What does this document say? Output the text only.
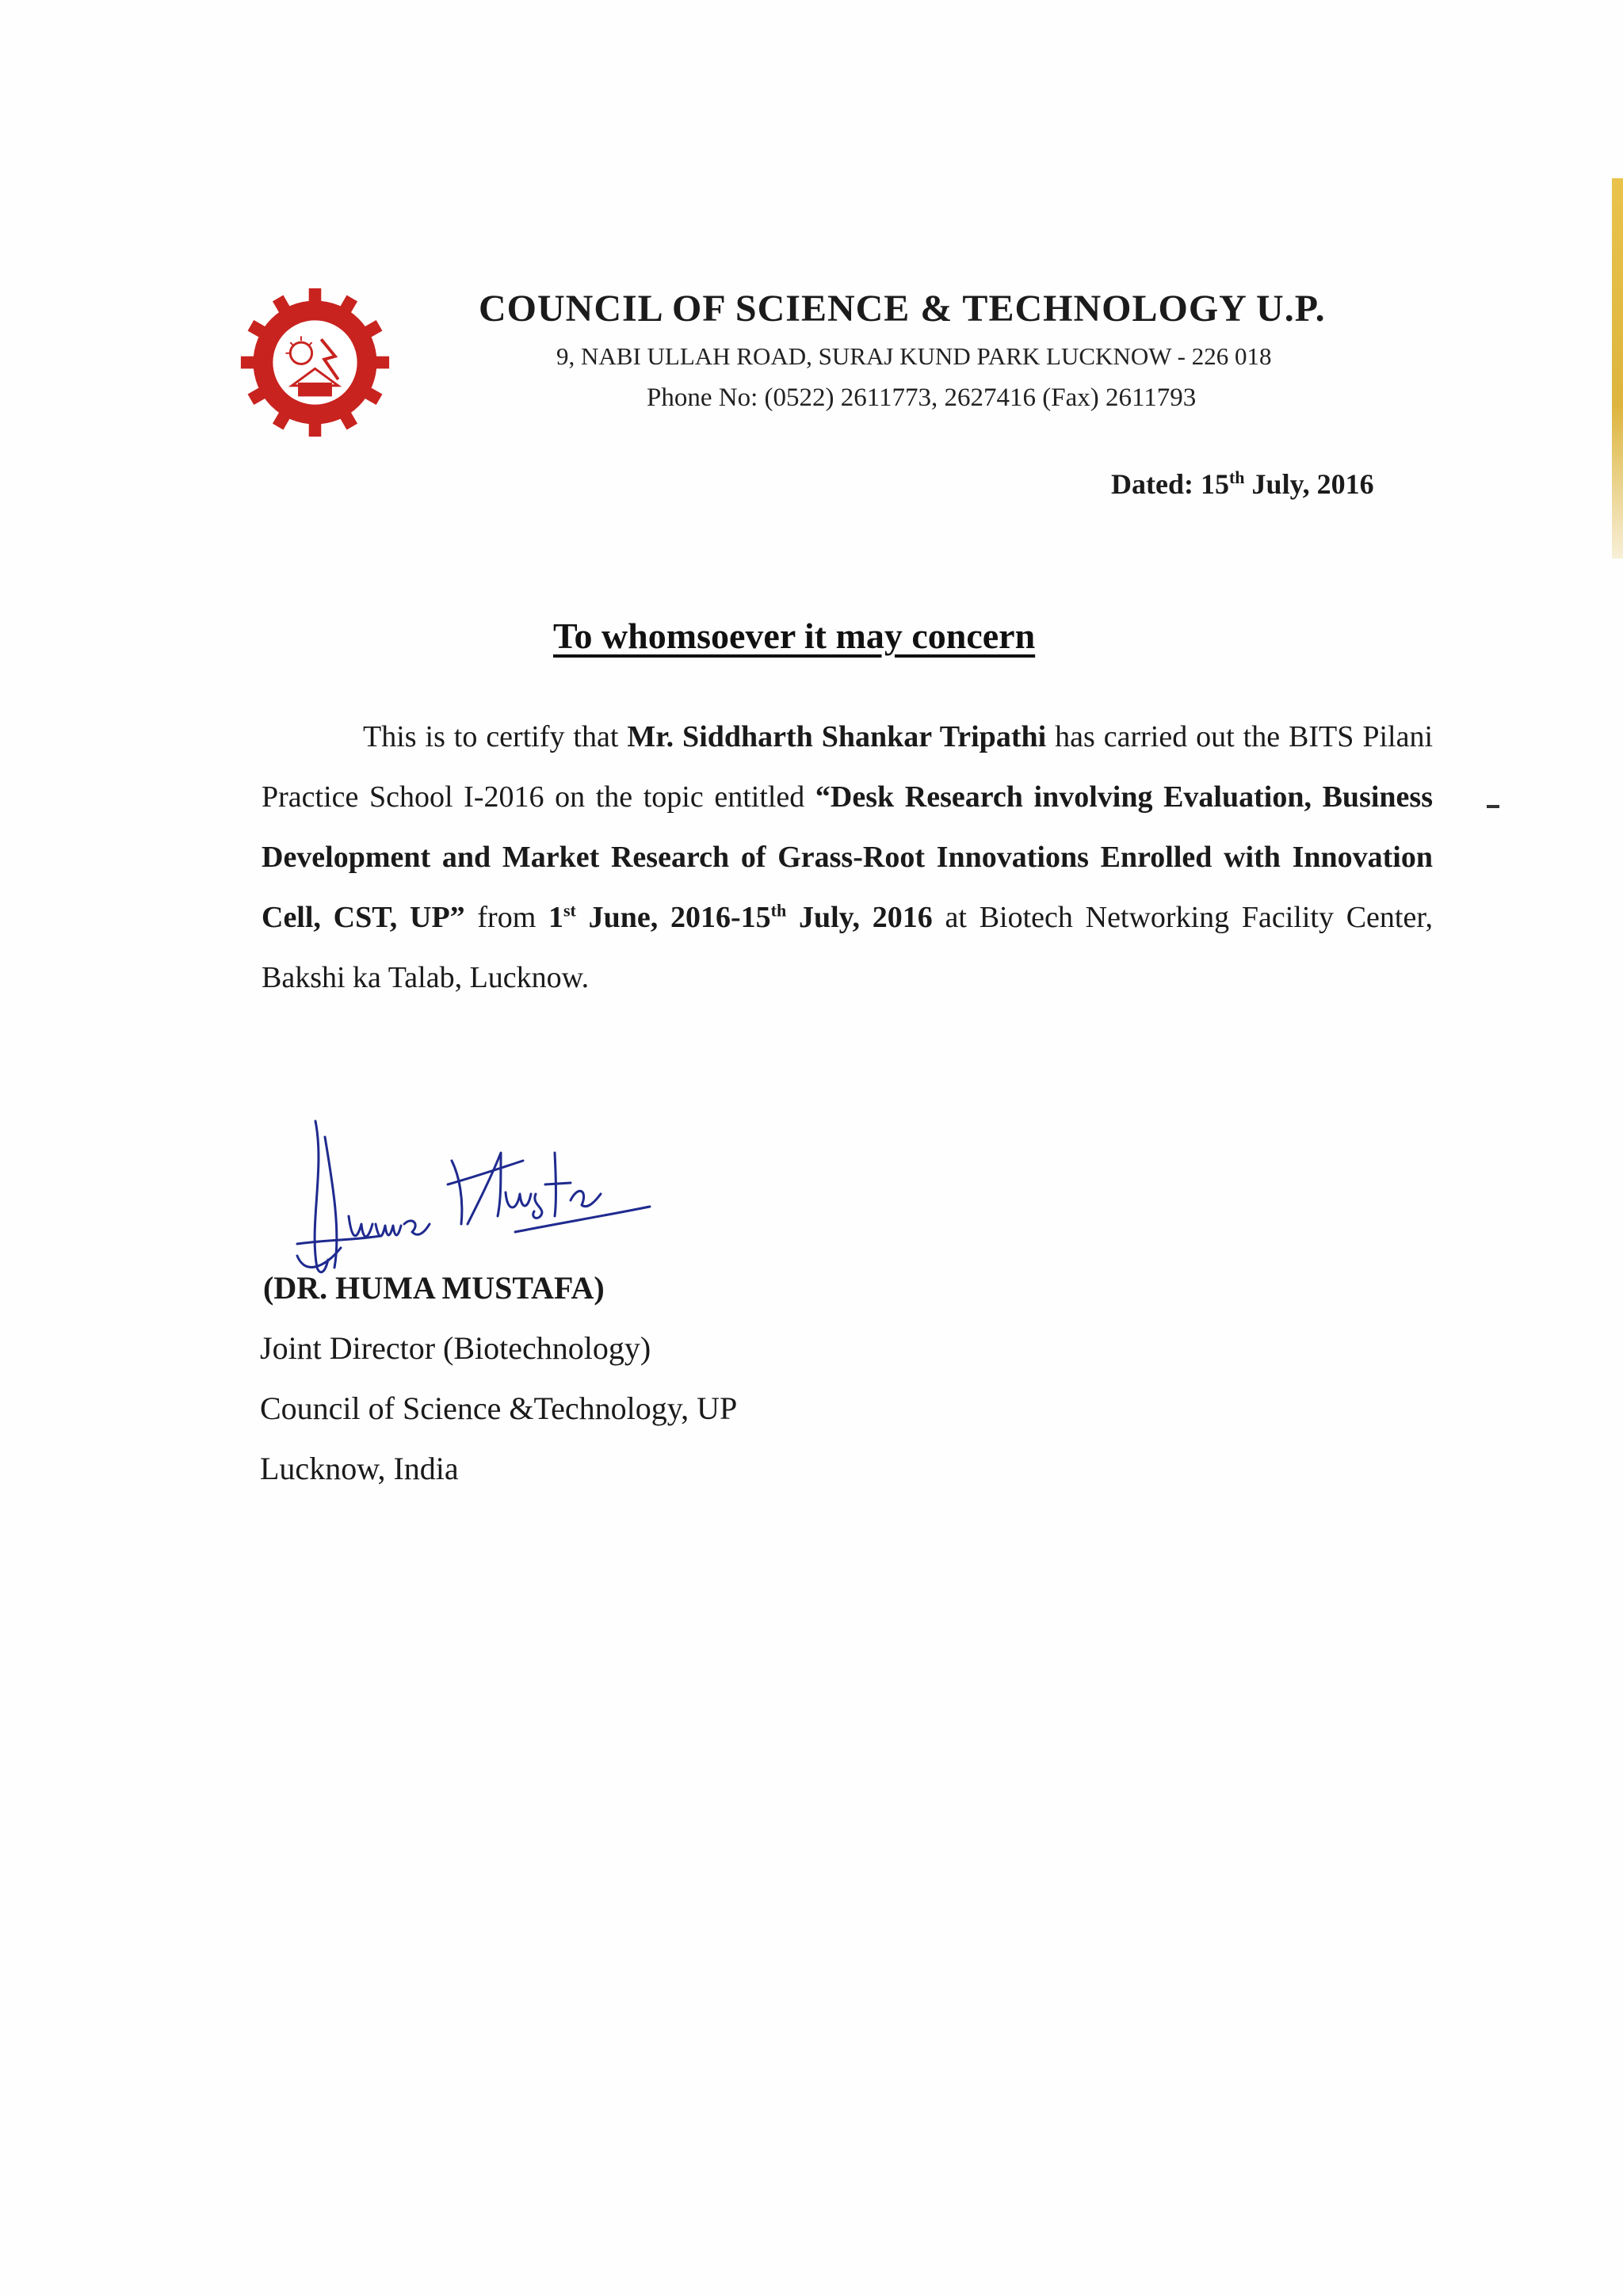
COUNCIL OF SCIENCE & TECHNOLOGY U.P.
9, NABI ULLAH ROAD, SURAJ KUND PARK LUCKNOW - 226 018
Phone No: (0522) 2611773, 2627416 (Fax) 2611793
Dated: 15th July, 2016
To whomsoever it may concern
This is to certify that Mr. Siddharth Shankar Tripathi has carried out the BITS Pilani Practice School I-2016 on the topic entitled “Desk Research involving Evaluation, Business Development and Market Research of Grass-Root Innovations Enrolled with Innovation Cell, CST, UP” from 1st June, 2016-15th July, 2016 at Biotech Networking Facility Center, Bakshi ka Talab, Lucknow.
(DR. HUMA MUSTAFA)
Joint Director (Biotechnology)
Council of Science &Technology, UP
Lucknow, India
